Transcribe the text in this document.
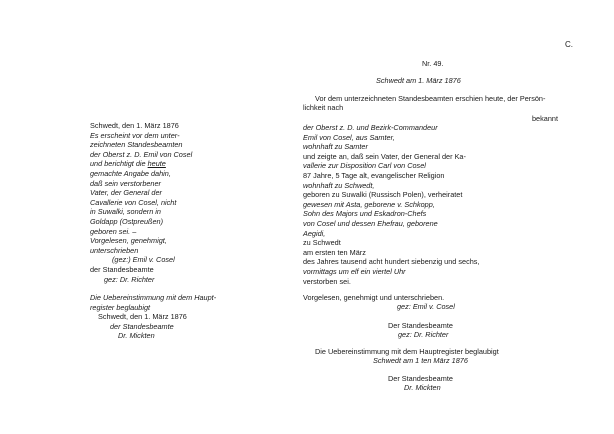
C.
Schwedt, den 1. März 1876
Es erscheint vor dem unter-
zeichneten Standesbeamten
der Oberst z. D. Emil von Cosel
und berichtigt die heute
gemachte Angabe dahin,
daß sein verstorbener
Vater, der General der
Cavallerie von Cosel, nicht
in Suwalki, sondern in
Goldapp (Ostpreußen)
geboren sei. –
Vorgelesen, genehmigt,
unterschrieben
(gez:) Emil v. Cosel
der Standesbeamte
gez: Dr. Richter
Die Uebereinstimmung mit dem Haupt-
register beglaubigt
Schwedt, den 1. März 1876
der Standesbeamte
Dr. Mickten
Nr. 49.
Schwedt am 1. März 1876
Vor dem unterzeichneten Standesbeamten erschien heute, der Persön-
lichkeit nach
bekannt
der Oberst z. D. und Bezirk-Commandeur
Emil von Cosel, aus Samter,
wohnhaft zu Samter
und zeigte an, daß sein Vater, der General der Ka-
vallerie zur Disposition Carl von Cosel
87 Jahre, 5 Tage alt, evangelischer Religion
wohnhaft zu Schwedt,
geboren zu Suwalki (Russisch Polen), verheiratet
gewesen mit Asta, geborene v. Schkopp,
Sohn des Majors und Eskadron-Chefs
von Cosel und dessen Ehefrau, geborene
Aegidi,
zu Schwedt
am ersten ten März
des Jahres tausend acht hundert siebenzig und sechs,
vormittags um elf ein viertel Uhr
verstorben sei.
Vorgelesen, genehmigt und unterschrieben.
gez: Emil v. Cosel
Der Standesbeamte
gez: Dr. Richter
Die Uebereinstimmung mit dem Hauptregister beglaubigt
Schwedt am 1 ten März 1876
Der Standesbeamte
Dr. Mickten
